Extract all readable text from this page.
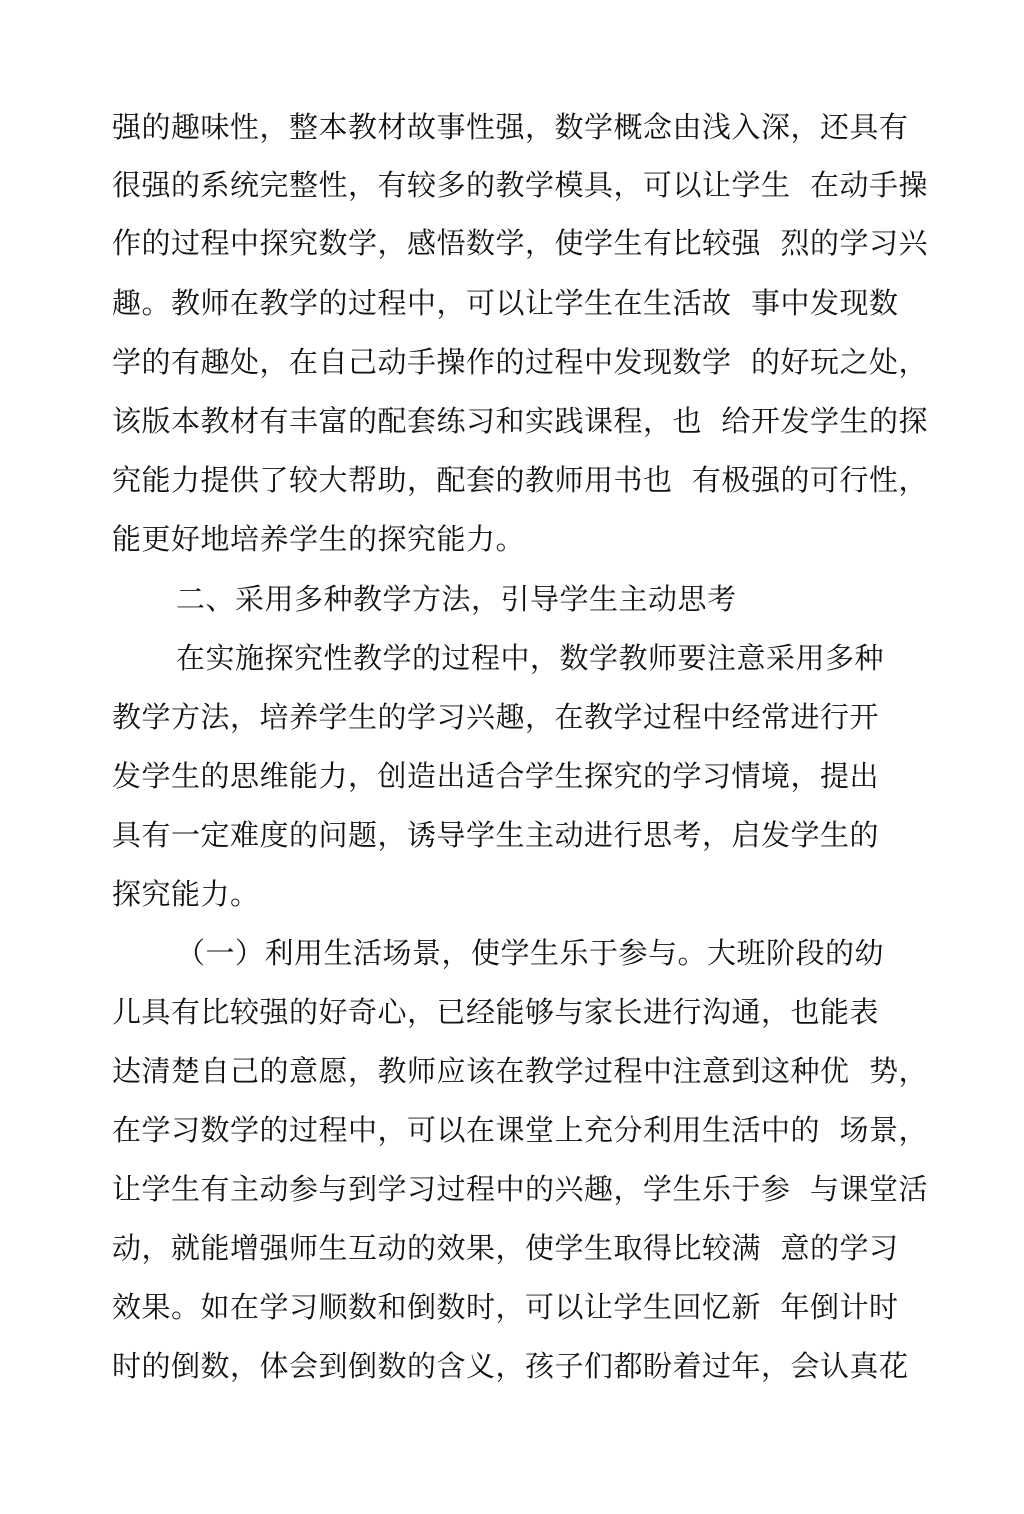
强的趣味性，整本教材故事性强，数学概念由浅入深，还具有
很强的系统完整性，有较多的教学模具，可以让学生  在动手操
作的过程中探究数学，感悟数学，使学生有比较强  烈的学习兴
趣。教师在教学的过程中，可以让学生在生活故  事中发现数
学的有趣处，在自己动手操作的过程中发现数学  的好玩之处，
该版本教材有丰富的配套练习和实践课程，也  给开发学生的探
究能力提供了较大帮助，配套的教师用书也  有极强的可行性，
能更好地培养学生的探究能力。
二、采用多种教学方法，引导学生主动思考
在实施探究性教学的过程中，数学教师要注意采用多种
教学方法，培养学生的学习兴趣，在教学过程中经常进行开
发学生的思维能力，创造出适合学生探究的学习情境，提出
具有一定难度的问题，诱导学生主动进行思考，启发学生的
探究能力。
（一）利用生活场景，使学生乐于参与。大班阶段的幼
儿具有比较强的好奇心，已经能够与家长进行沟通，也能表
达清楚自己的意愿，教师应该在教学过程中注意到这种优  势，
在学习数学的过程中，可以在课堂上充分利用生活中的  场景，
让学生有主动参与到学习过程中的兴趣，学生乐于参  与课堂活
动，就能增强师生互动的效果，使学生取得比较满  意的学习
效果。如在学习顺数和倒数时，可以让学生回忆新  年倒计时
时的倒数，体会到倒数的含义，孩子们都盼着过年，会认真花
